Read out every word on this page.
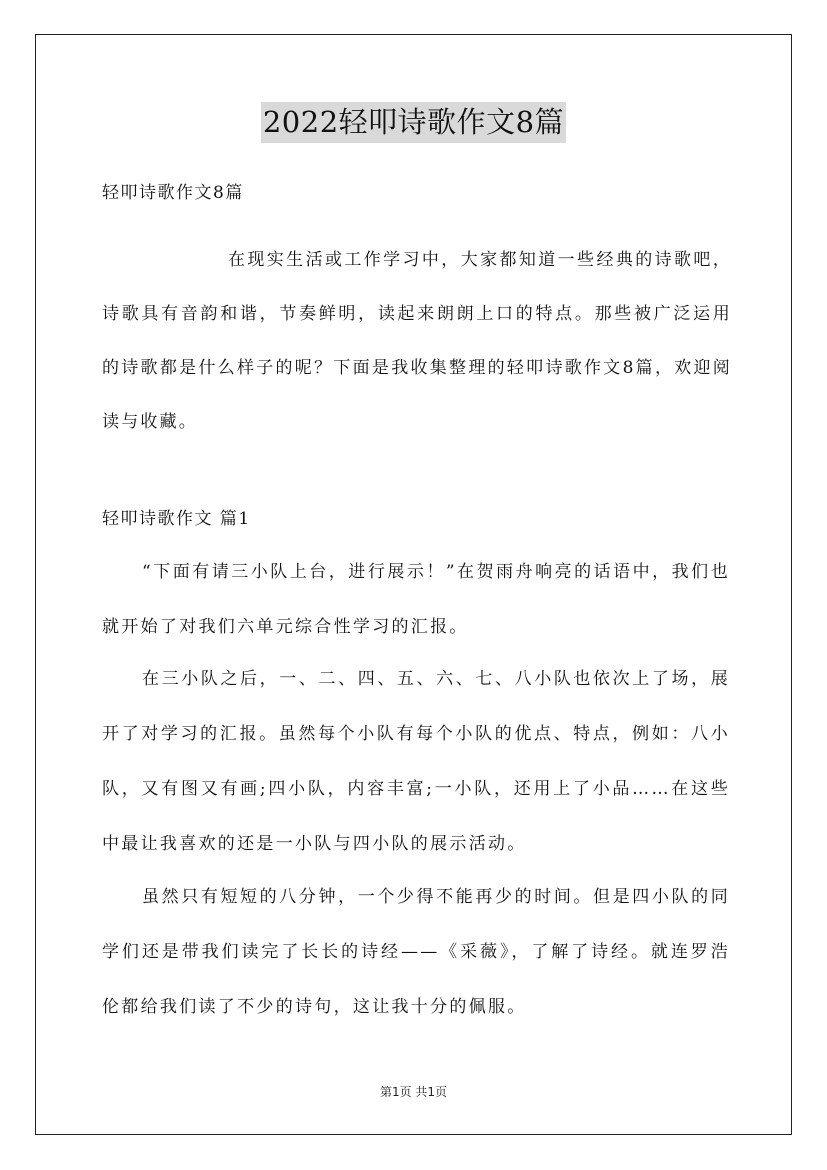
2022轻叩诗歌作文8篇
轻叩诗歌作文8篇
在现实生活或工作学习中，大家都知道一些经典的诗歌吧，诗歌具有音韵和谐，节奏鲜明，读起来朗朗上口的特点。那些被广泛运用的诗歌都是什么样子的呢？下面是我收集整理的轻叩诗歌作文8篇，欢迎阅读与收藏。
轻叩诗歌作文 篇1
“下面有请三小队上台，进行展示！”在贺雨舟响亮的话语中，我们也就开始了对我们六单元综合性学习的汇报。
在三小队之后，一、二、四、五、六、七、八小队也依次上了场，展开了对学习的汇报。虽然每个小队有每个小队的优点、特点，例如：八小队，又有图又有画;四小队，内容丰富;一小队，还用上了小品……在这些中最让我喜欢的还是一小队与四小队的展示活动。
虽然只有短短的八分钟，一个少得不能再少的时间。但是四小队的同学们还是带我们读完了长长的诗经——《采薇》，了解了诗经。就连罗浩伦都给我们读了不少的诗句，这让我十分的佩服。
第1页 共1页
